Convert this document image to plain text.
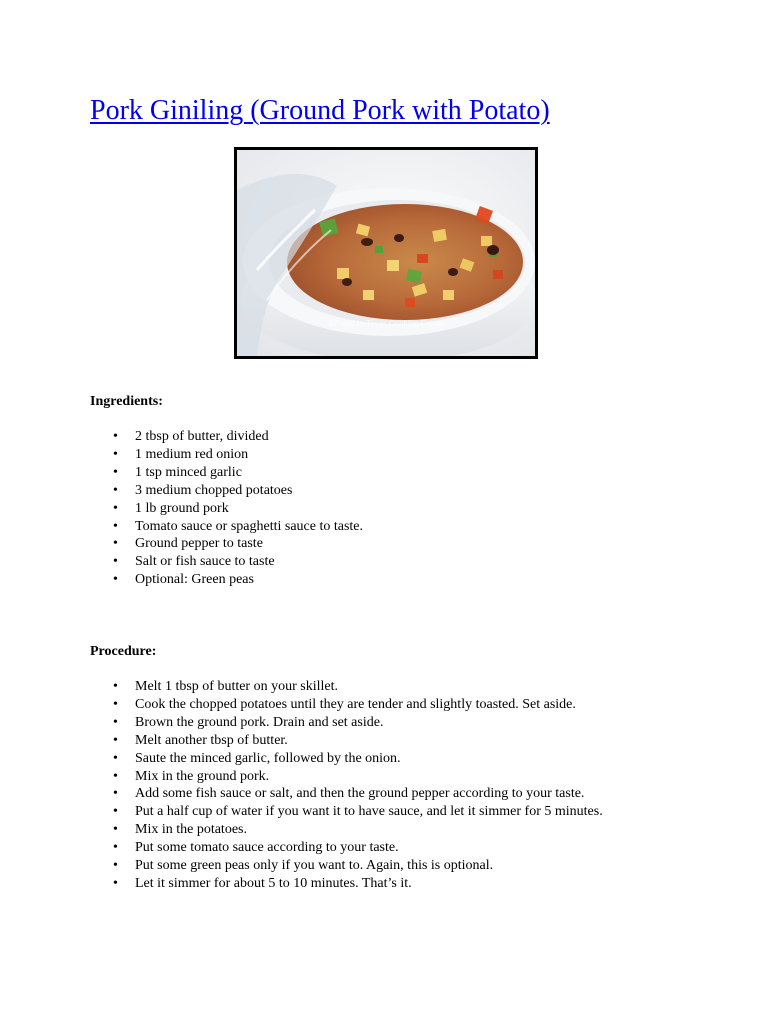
Pork Giniling (Ground Pork with Potato)
©Pinay In Texas Cooking Corner

Ingredients:

• 2 tbsp of butter, divided
• 1 medium red onion
• 1 tsp minced garlic
• 3 medium chopped potatoes
• 1 lb ground pork
• Tomato sauce or spaghetti sauce to taste.
• Ground pepper to taste
• Salt or fish sauce to taste
• Optional: Green peas

Procedure:

• Melt 1 tbsp of butter on your skillet.
• Cook the chopped potatoes until they are tender and slightly toasted. Set aside.
• Brown the ground pork. Drain and set aside.
• Melt another tbsp of butter.
• Saute the minced garlic, followed by the onion.
• Mix in the ground pork.
• Add some fish sauce or salt, and then the ground pepper according to your taste.
• Put a half cup of water if you want it to have sauce, and let it simmer for 5 minutes.
• Mix in the potatoes.
• Put some tomato sauce according to your taste.
• Put some green peas only if you want to. Again, this is optional.
• Let it simmer for about 5 to 10 minutes. That’s it.
